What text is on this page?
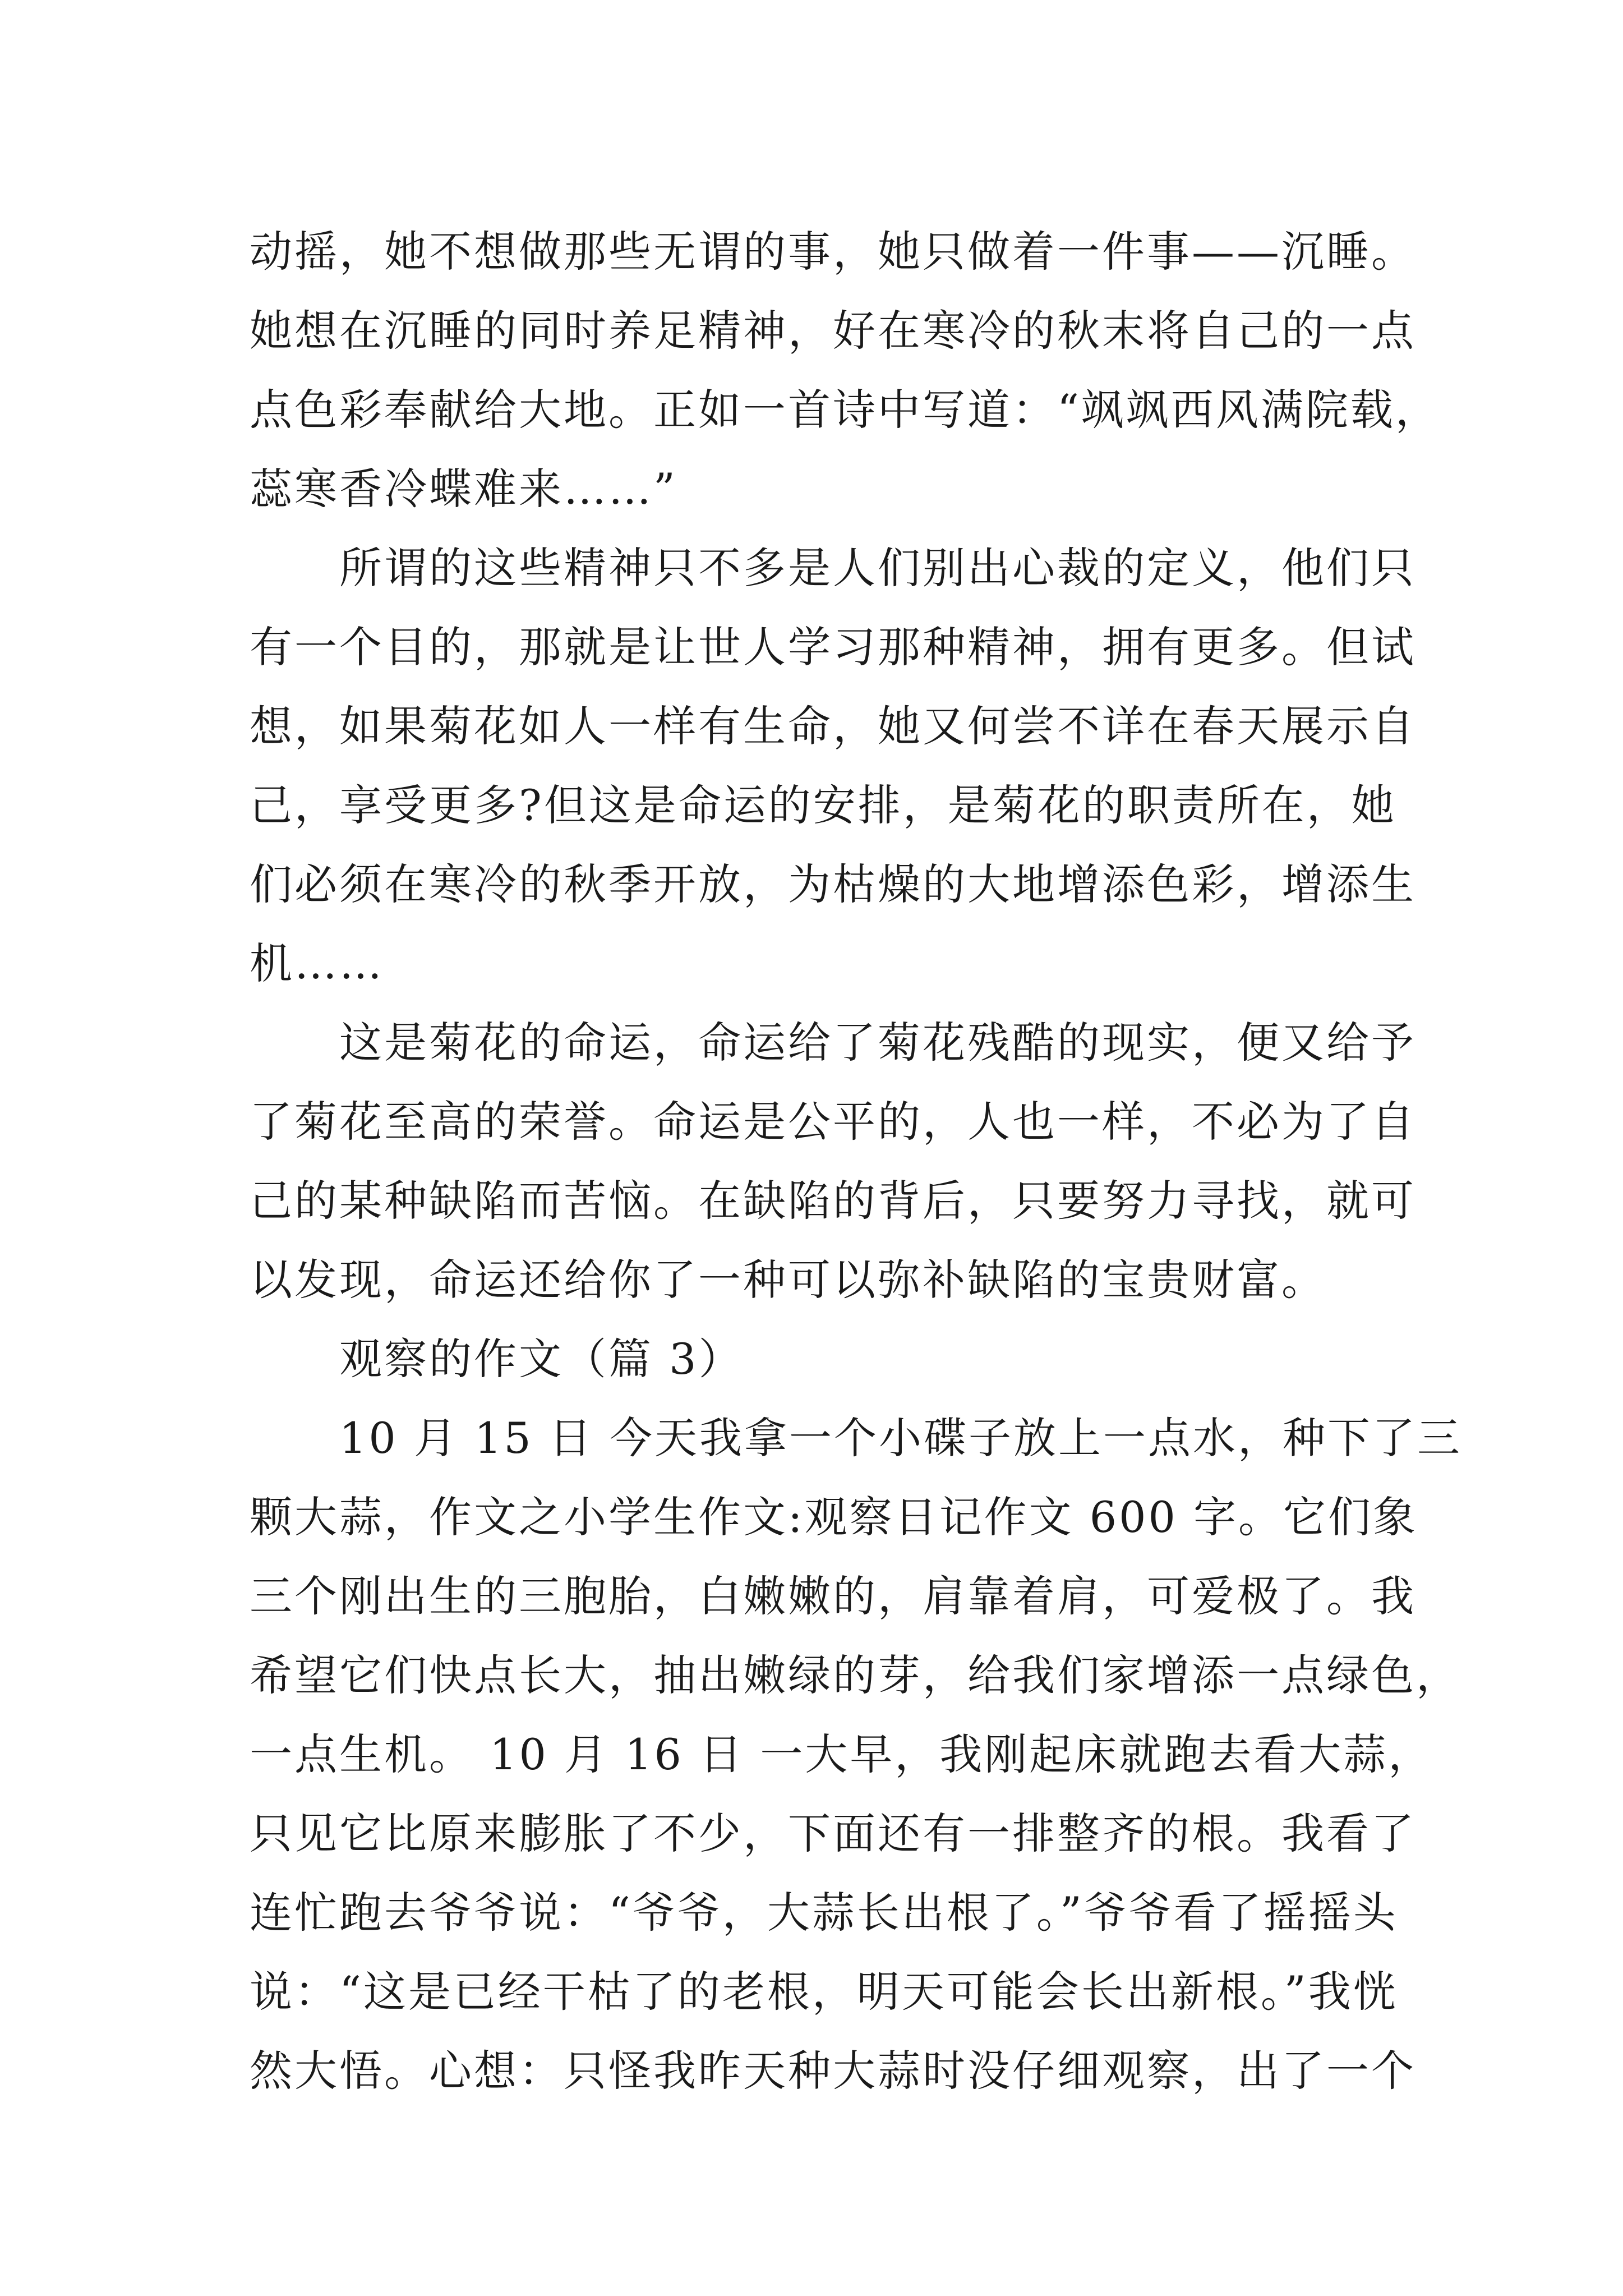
动摇，她不想做那些无谓的事，她只做着一件事——沉睡。
她想在沉睡的同时养足精神，好在寒冷的秋末将自己的一点
点色彩奉献给大地。正如一首诗中写道：“飒飒西风满院载，
蕊寒香冷蝶难来……”
所谓的这些精神只不多是人们别出心裁的定义，他们只
有一个目的，那就是让世人学习那种精神，拥有更多。但试
想，如果菊花如人一样有生命，她又何尝不详在春天展示自
己，享受更多?但这是命运的安排，是菊花的职责所在，她
们必须在寒冷的秋季开放，为枯燥的大地增添色彩，增添生
机……
这是菊花的命运，命运给了菊花残酷的现实，便又给予
了菊花至高的荣誉。命运是公平的，人也一样，不必为了自
己的某种缺陷而苦恼。在缺陷的背后，只要努力寻找，就可
以发现，命运还给你了一种可以弥补缺陷的宝贵财富。
观察的作文（篇 3）
10 月 15 日 今天我拿一个小碟子放上一点水，种下了三
颗大蒜，作文之小学生作文:观察日记作文 600 字。它们象
三个刚出生的三胞胎，白嫩嫩的，肩靠着肩，可爱极了。我
希望它们快点长大，抽出嫩绿的芽，给我们家增添一点绿色，
一点生机。 10 月 16 日 一大早，我刚起床就跑去看大蒜，
只见它比原来膨胀了不少，下面还有一排整齐的根。我看了
连忙跑去爷爷说：“爷爷，大蒜长出根了。”爷爷看了摇摇头
说：“这是已经干枯了的老根，明天可能会长出新根。”我恍
然大悟。心想：只怪我昨天种大蒜时没仔细观察，出了一个
